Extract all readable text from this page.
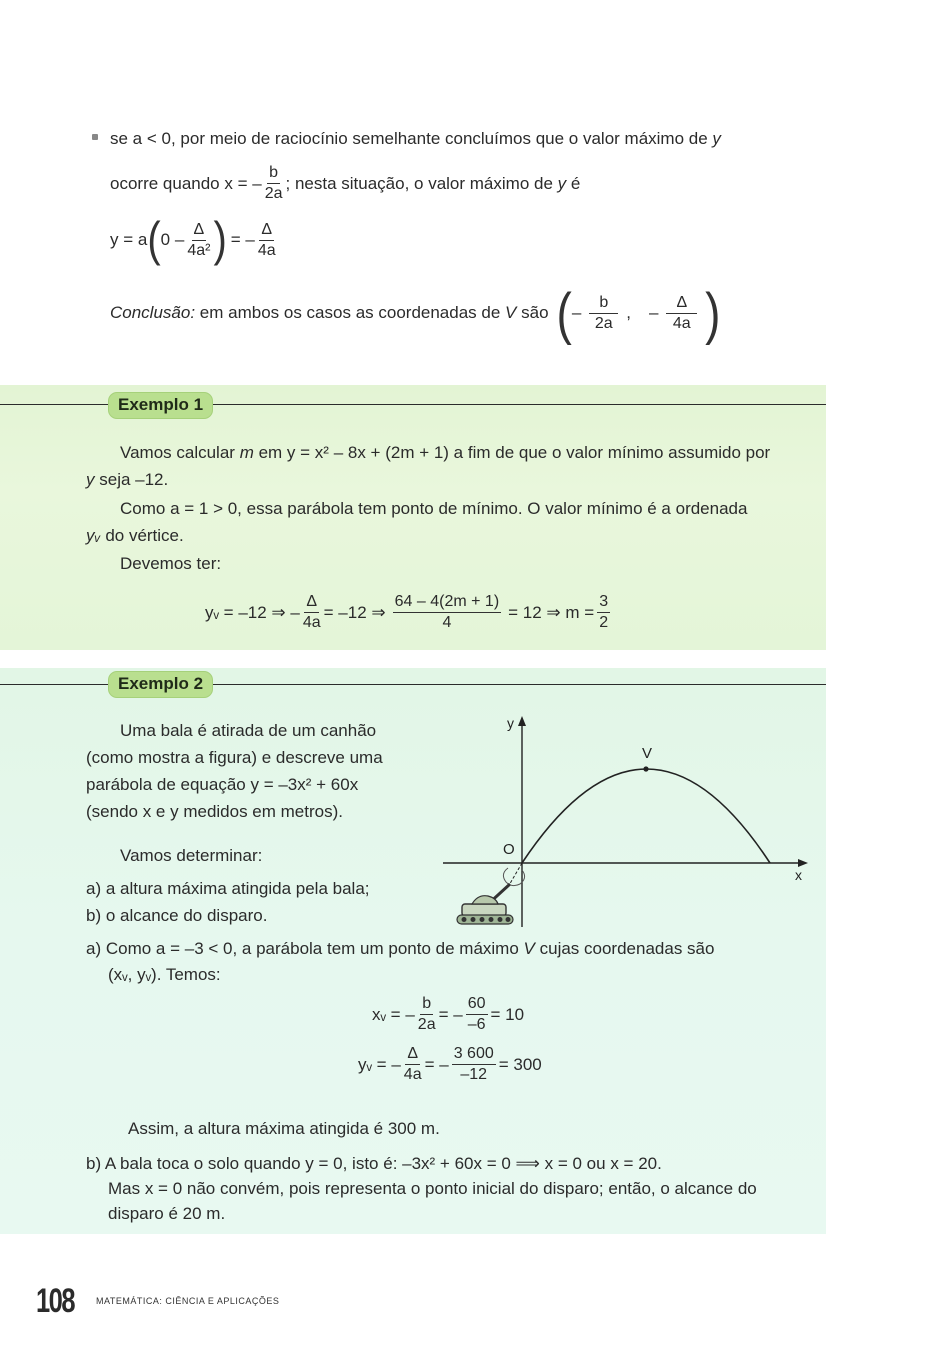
se a < 0, por meio de raciocínio semelhante concluímos que o valor máximo de y
ocorre quando x = – $\frac{b}{2a}$ ; nesta situação, o valor máximo de
y
é
y = a ( $0 - \frac{\Delta}{\text{4a²}}$ ) = – $\frac{\Delta}{4a}$
Conclusão:
em ambos os casos as coordenadas de
V
são ( – $\frac{b}{2a}$ , – $\frac{\Delta}{4a}$ )
Exemplo 1
Vamos calcular m em y = x² – 8x + (2m + 1) a fim de que o valor mínimo assumido por
y seja –12.
Como a = 1 > 0, essa parábola tem ponto de mínimo. O valor mínimo é a ordenada
yᵥ do vértice.
Devemos ter:
yᵥ = –12 ⇒ – $\frac{\Delta}{4a} = -12$ ⇒ $\frac{64 - 4(2m + 1)}{4} = 12$ ⇒ $m = \frac{3}{2}$
Exemplo 2
Uma bala é atirada de um canhão
(como mostra a figura) e descreve uma
parábola de equação y = –3x² + 60x
(sendo x e y medidos em metros).
Vamos determinar:
a) a altura máxima atingida pela bala;
b) o alcance do disparo.
y
x
O
V
a) Como a = –3 < 0, a parábola tem um ponto de máximo V cujas coordenadas são
(xᵥ, yᵥ). Temos:
xᵥ = – $\frac{b}{2a}$ = – $\frac{60}{-6} = 10$
yᵥ = – $\frac{\Delta}{4a}$ = – $\frac{3 600}{-12} = 300$
Assim, a altura máxima atingida é 300 m.
b) A bala toca o solo quando y = 0, isto é: –3x² + 60x = 0 ⟹ x = 0 ou x = 20.
Mas x = 0 não convém, pois representa o ponto inicial do disparo; então, o alcance do
disparo é 20 m.
108 MATEMÁTICA: CIÊNCIA E APLICAÇÕES
